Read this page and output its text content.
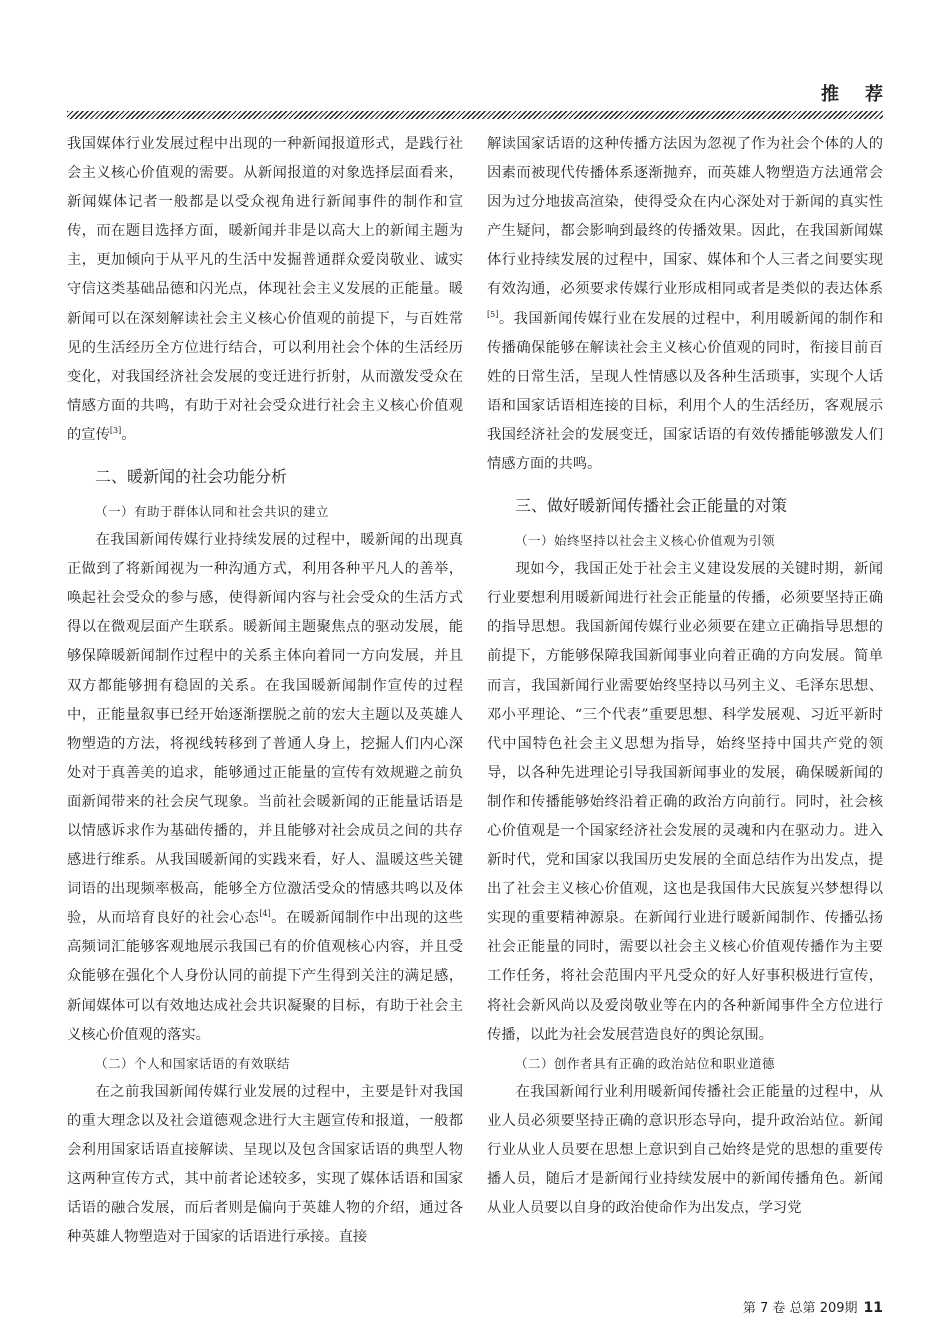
推荐

我国媒体行业发展过程中出现的一种新闻报道形式，是践行社会主义核心价值观的需要。从新闻报道的对象选择层面看来，新闻媒体记者一般都是以受众视角进行新闻事件的制作和宣传，而在题目选择方面，暖新闻并非是以高大上的新闻主题为主，更加倾向于从平凡的生活中发掘普通群众爱岗敬业、诚实守信这类基础品德和闪光点，体现社会主义发展的正能量。暖新闻可以在深刻解读社会主义核心价值观的前提下，与百姓常见的生活经历全方位进行结合，可以利用社会个体的生活经历变化，对我国经济社会发展的变迁进行折射，从而激发受众在情感方面的共鸣，有助于对社会受众进行社会主义核心价值观的宣传[3]。

二、暖新闻的社会功能分析

（一）有助于群体认同和社会共识的建立

在我国新闻传媒行业持续发展的过程中，暖新闻的出现真正做到了将新闻视为一种沟通方式，利用各种平凡人的善举，唤起社会受众的参与感，使得新闻内容与社会受众的生活方式得以在微观层面产生联系。暖新闻主题聚焦点的驱动发展，能够保障暖新闻制作过程中的关系主体向着同一方向发展，并且双方都能够拥有稳固的关系。在我国暖新闻制作宣传的过程中，正能量叙事已经开始逐渐摆脱之前的宏大主题以及英雄人物塑造的方法，将视线转移到了普通人身上，挖掘人们内心深处对于真善美的追求，能够通过正能量的宣传有效规避之前负面新闻带来的社会戾气现象。当前社会暖新闻的正能量话语是以情感诉求作为基础传播的，并且能够对社会成员之间的共存感进行维系。从我国暖新闻的实践来看，好人、温暖这些关键词语的出现频率极高，能够全方位激活受众的情感共鸣以及体验，从而培育良好的社会心态[4]。在暖新闻制作中出现的这些高频词汇能够客观地展示我国已有的价值观核心内容，并且受众能够在强化个人身份认同的前提下产生得到关注的满足感，新闻媒体可以有效地达成社会共识凝聚的目标，有助于社会主义核心价值观的落实。

（二）个人和国家话语的有效联结

在之前我国新闻传媒行业发展的过程中，主要是针对我国的重大理念以及社会道德观念进行大主题宣传和报道，一般都会利用国家话语直接解读、呈现以及包含国家话语的典型人物这两种宣传方式，其中前者论述较多，实现了媒体话语和国家话语的融合发展，而后者则是偏向于英雄人物的介绍，通过各种英雄人物塑造对于国家的话语进行承接。直接

解读国家话语的这种传播方法因为忽视了作为社会个体的人的因素而被现代传播体系逐渐抛弃，而英雄人物塑造方法通常会因为过分地拔高渲染，使得受众在内心深处对于新闻的真实性产生疑问，都会影响到最终的传播效果。因此，在我国新闻媒体行业持续发展的过程中，国家、媒体和个人三者之间要实现有效沟通，必须要求传媒行业形成相同或者是类似的表达体系[5]。我国新闻传媒行业在发展的过程中，利用暖新闻的制作和传播确保能够在解读社会主义核心价值观的同时，衔接目前百姓的日常生活，呈现人性情感以及各种生活琐事，实现个人话语和国家话语相连接的目标，利用个人的生活经历，客观展示我国经济社会的发展变迁，国家话语的有效传播能够激发人们情感方面的共鸣。

三、做好暖新闻传播社会正能量的对策

（一）始终坚持以社会主义核心价值观为引领

现如今，我国正处于社会主义建设发展的关键时期，新闻行业要想利用暖新闻进行社会正能量的传播，必须要坚持正确的指导思想。我国新闻传媒行业必须要在建立正确指导思想的前提下，方能够保障我国新闻事业向着正确的方向发展。简单而言，我国新闻行业需要始终坚持以马列主义、毛泽东思想、邓小平理论、“三个代表”重要思想、科学发展观、习近平新时代中国特色社会主义思想为指导，始终坚持中国共产党的领导，以各种先进理论引导我国新闻事业的发展，确保暖新闻的制作和传播能够始终沿着正确的政治方向前行。同时，社会核心价值观是一个国家经济社会发展的灵魂和内在驱动力。进入新时代，党和国家以我国历史发展的全面总结作为出发点，提出了社会主义核心价值观，这也是我国伟大民族复兴梦想得以实现的重要精神源泉。在新闻行业进行暖新闻制作、传播弘扬社会正能量的同时，需要以社会主义核心价值观传播作为主要工作任务，将社会范围内平凡受众的好人好事积极进行宣传，将社会新风尚以及爱岗敬业等在内的各种新闻事件全方位进行传播，以此为社会发展营造良好的舆论氛围。

（二）创作者具有正确的政治站位和职业道德

在我国新闻行业利用暖新闻传播社会正能量的过程中，从业人员必须要坚持正确的意识形态导向，提升政治站位。新闻行业从业人员要在思想上意识到自己始终是党的思想的重要传播人员，随后才是新闻行业持续发展中的新闻传播角色。新闻从业人员要以自身的政治使命作为出发点，学习党

第 7 卷 总第 209期 11
